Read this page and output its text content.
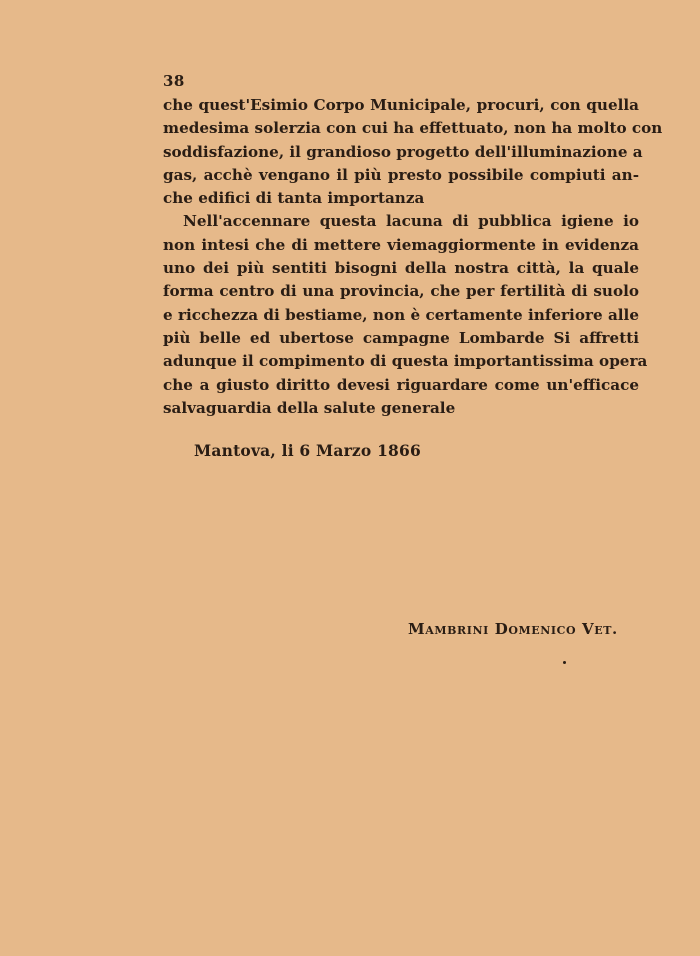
38

che quest'Esimio Corpo Municipale, procuri, con quella
medesima solerzia con cui ha effettuato, non ha molto con
soddisfazione, il grandioso progetto dell'illuminazione a
gas, acchè vengano il più presto possibile compiuti an-
che edifici di tanta importanza

Nell'accennare questa lacuna di pubblica igiene io
non intesi che di mettere viemaggiormente in evidenza
uno dei più sentiti bisogni della nostra città, la quale
forma centro di una provincia, che per fertilità di suolo
e ricchezza di bestiame, non è certamente inferiore alle
più belle ed ubertose campagne Lombarde Si affretti
adunque il compimento di questa importantissima opera
che a giusto diritto devesi riguardare come un'efficace
salvaguardia della salute generale

Mantova, li 6 Marzo 1866
Mambrini Domenico Vet.
